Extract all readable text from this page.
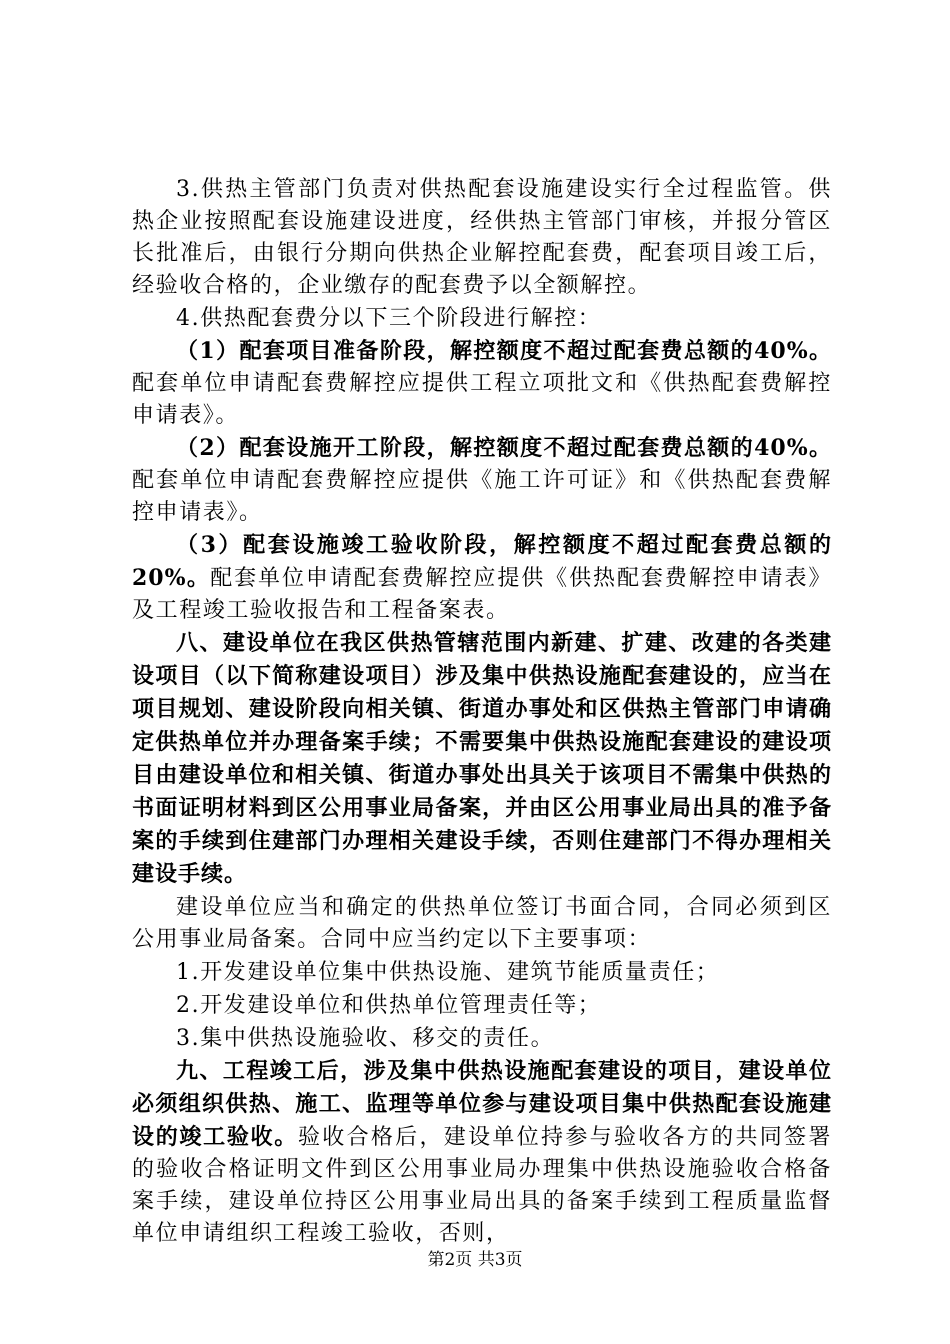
3.供热主管部门负责对供热配套设施建设实行全过程监管。供热企业按照配套设施建设进度，经供热主管部门审核，并报分管区长批准后，由银行分期向供热企业解控配套费，配套项目竣工后，经验收合格的，企业缴存的配套费予以全额解控。

4.供热配套费分以下三个阶段进行解控：

（1）配套项目准备阶段，解控额度不超过配套费总额的40%。配套单位申请配套费解控应提供工程立项批文和《供热配套费解控申请表》。

（2）配套设施开工阶段，解控额度不超过配套费总额的40%。配套单位申请配套费解控应提供《施工许可证》和《供热配套费解控申请表》。

（3）配套设施竣工验收阶段，解控额度不超过配套费总额的20%。配套单位申请配套费解控应提供《供热配套费解控申请表》及工程竣工验收报告和工程备案表。

八、建设单位在我区供热管辖范围内新建、扩建、改建的各类建设项目（以下简称建设项目）涉及集中供热设施配套建设的，应当在项目规划、建设阶段向相关镇、街道办事处和区供热主管部门申请确定供热单位并办理备案手续；不需要集中供热设施配套建设的建设项目由建设单位和相关镇、街道办事处出具关于该项目不需集中供热的书面证明材料到区公用事业局备案，并由区公用事业局出具的准予备案的手续到住建部门办理相关建设手续，否则住建部门不得办理相关建设手续。

建设单位应当和确定的供热单位签订书面合同，合同必须到区公用事业局备案。合同中应当约定以下主要事项：

1.开发建设单位集中供热设施、建筑节能质量责任；

2.开发建设单位和供热单位管理责任等；

3.集中供热设施验收、移交的责任。

九、工程竣工后，涉及集中供热设施配套建设的项目，建设单位必须组织供热、施工、监理等单位参与建设项目集中供热配套设施建设的竣工验收。验收合格后，建设单位持参与验收各方的共同签署的验收合格证明文件到区公用事业局办理集中供热设施验收合格备案手续，建设单位持区公用事业局出具的备案手续到工程质量监督单位申请组织工程竣工验收，否则，

第2页 共3页
